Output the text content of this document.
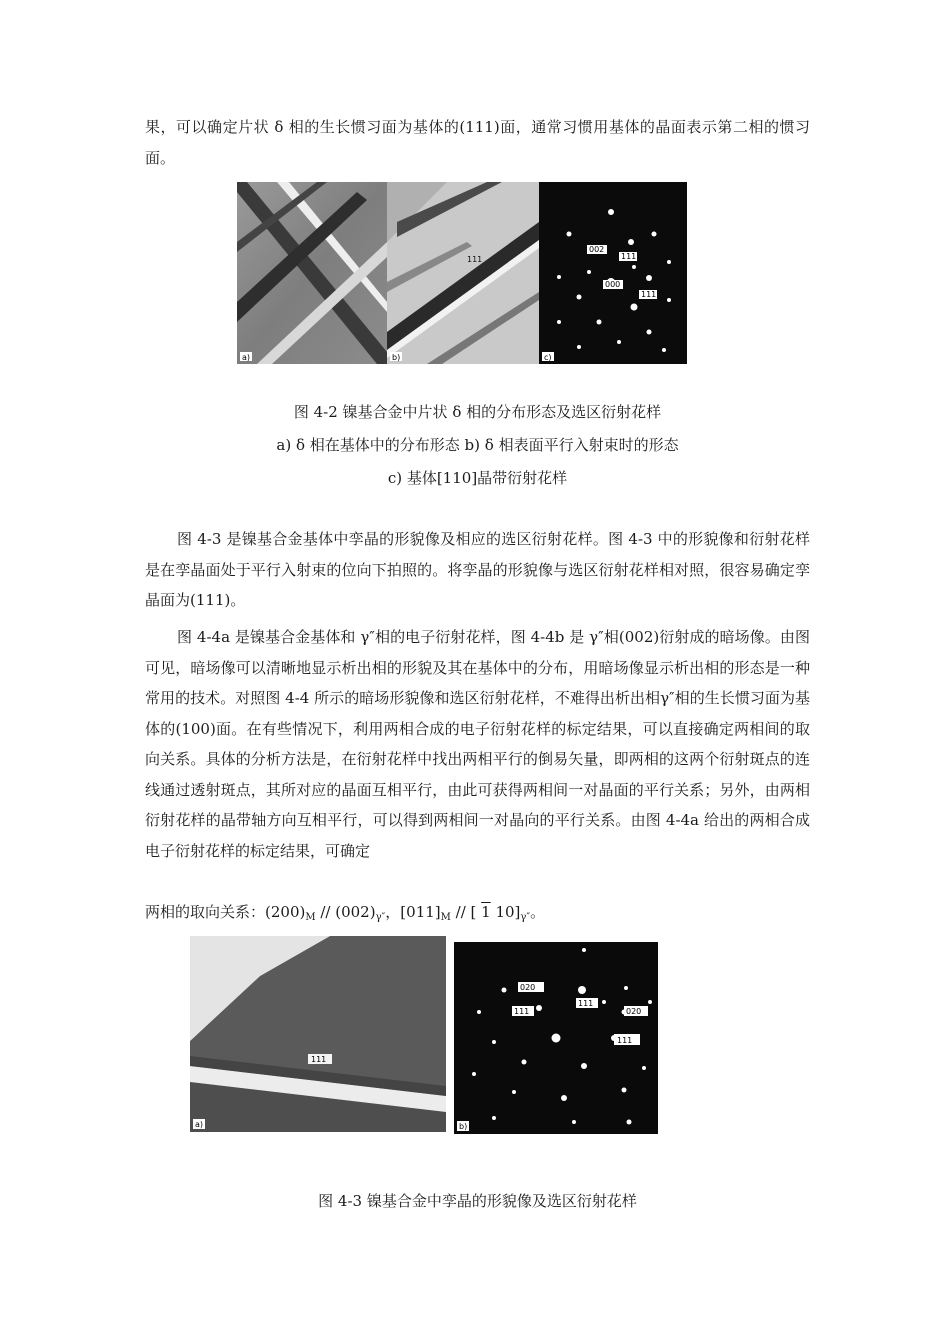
果，可以确定片状 δ 相的生长惯习面为基体的(111)面，通常习惯用基体的晶面表示第二相的惯习面。

a)
111
b)
002
111
000
111
c)

图 4-2 镍基合金中片状 δ 相的分布形态及选区衍射花样

a) δ 相在基体中的分布形态 b) δ 相表面平行入射束时的形态

c) 基体[110]晶带衍射花样

图 4-3 是镍基合金基体中孪晶的形貌像及相应的选区衍射花样。图 4-3 中的形貌像和衍射花样是在孪晶面处于平行入射束的位向下拍照的。将孪晶的形貌像与选区衍射花样相对照，很容易确定孪晶面为(111)。

图 4-4a 是镍基合金基体和 γ″相的电子衍射花样，图 4-4b 是 γ″相(002)衍射成的暗场像。由图可见，暗场像可以清晰地显示析出相的形貌及其在基体中的分布，用暗场像显示析出相的形态是一种常用的技术。对照图 4-4 所示的暗场形貌像和选区衍射花样，不难得出析出相γ″相的生长惯习面为基体的(100)面。在有些情况下，利用两相合成的电子衍射花样的标定结果，可以直接确定两相间的取向关系。具体的分析方法是，在衍射花样中找出两相平行的倒易矢量，即两相的这两个衍射斑点的连线通过透射斑点，其所对应的晶面互相平行，由此可获得两相间一对晶面的平行关系；另外，由两相衍射花样的晶带轴方向互相平行，可以得到两相间一对晶向的平行关系。由图 4-4a 给出的两相合成电子衍射花样的标定结果，可确定

两相的取向关系：$(200)_M // (002)_{\gamma''}$，$[011]_M$ // [ 1 $10]_{\gamma''}$。

111
a)
020
111
111
020
111
b)

图 4-3 镍基合金中孪晶的形貌像及选区衍射花样
